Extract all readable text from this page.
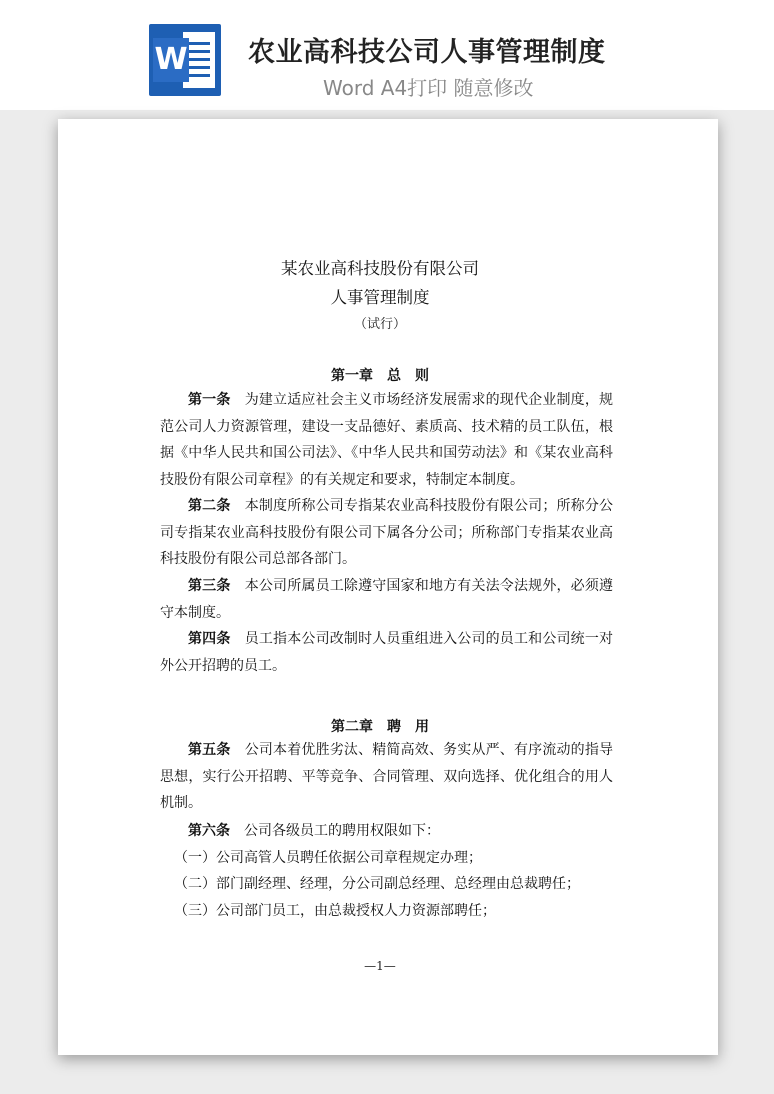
W 农业高科技公司人事管理制度
Word A4打印 随意修改
某农业高科技股份有限公司
人事管理制度
（试行）
第一章　总　则

第一条　为建立适应社会主义市场经济发展需求的现代企业制度，规范公司人力资源管理，建设一支品德好、素质高、技术精的员工队伍，根据《中华人民共和国公司法》、《中华人民共和国劳动法》和《某农业高科技股份有限公司章程》的有关规定和要求，特制定本制度。

第二条　本制度所称公司专指某农业高科技股份有限公司；所称分公司专指某农业高科技股份有限公司下属各分公司；所称部门专指某农业高科技股份有限公司总部各部门。

第三条　本公司所属员工除遵守国家和地方有关法令法规外，必须遵守本制度。

第四条　员工指本公司改制时人员重组进入公司的员工和公司统一对外公开招聘的员工。

第二章　聘　用

第五条　公司本着优胜劣汰、精简高效、务实从严、有序流动的指导思想，实行公开招聘、平等竞争、合同管理、双向选择、优化组合的用人机制。

第六条　公司各级员工的聘用权限如下：

（一）公司高管人员聘任依据公司章程规定办理；
（二）部门副经理、经理，分公司副总经理、总经理由总裁聘任；
（三）公司部门员工，由总裁授权人力资源部聘任；
—1—
